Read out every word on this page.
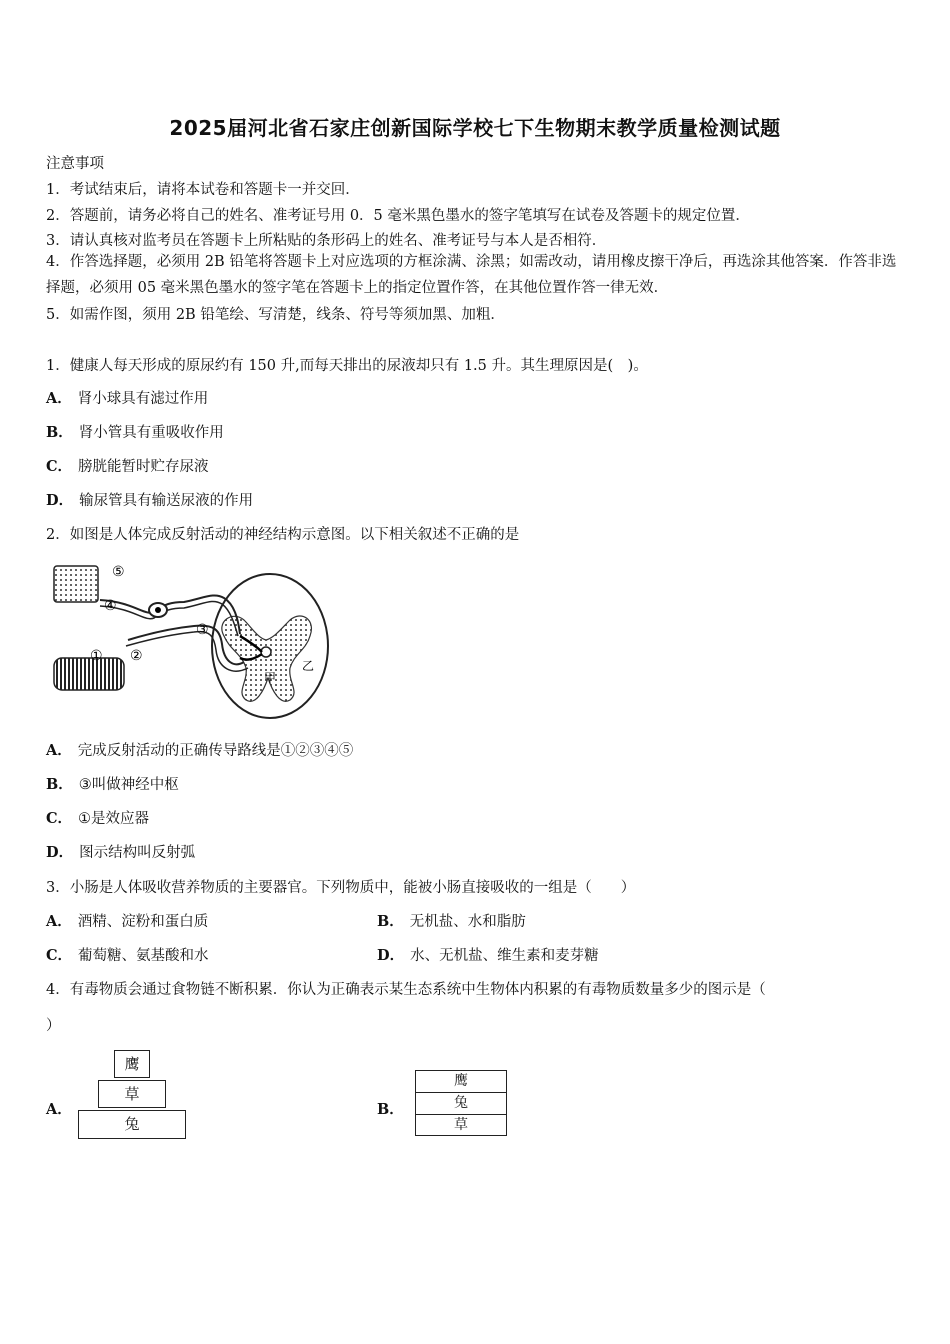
2025届河北省石家庄创新国际学校七下生物期末教学质量检测试题
注意事项
1．考试结束后，请将本试卷和答题卡一并交回．
2．答题前，请务必将自己的姓名、准考证号用 0．5 毫米黑色墨水的签字笔填写在试卷及答题卡的规定位置．
3．请认真核对监考员在答题卡上所粘贴的条形码上的姓名、准考证号与本人是否相符．
4．作答选择题，必须用 2B 铅笔将答题卡上对应选项的方框涂满、涂黑；如需改动，请用橡皮擦干净后，再选涂其他答案．作答非选择题，必须用 05 毫米黑色墨水的签字笔在答题卡上的指定位置作答，在其他位置作答一律无效．
5．如需作图，须用 2B 铅笔绘、写清楚，线条、符号等须加黑、加粗．
1．健康人每天形成的原尿约有 150 升,而每天排出的尿液却只有 1.5 升。其生理原因是(　)。
A． 肾小球具有滤过作用
B． 肾小管具有重吸收作用
C． 膀胱能暂时贮存尿液
D． 输尿管具有输送尿液的作用
2．如图是人体完成反射活动的神经结构示意图。以下相关叙述不正确的是
⑤
④
③
②
①
甲
乙
A． 完成反射活动的正确传导路线是①②③④⑤
B． ③叫做神经中枢
C． ①是效应器
D． 图示结构叫反射弧
3．小肠是人体吸收营养物质的主要器官。下列物质中，能被小肠直接吸收的一组是（　　）
A． 酒精、淀粉和蛋白质	B． 无机盐、水和脂肪
C． 葡萄糖、氨基酸和水	D． 水、无机盐、维生素和麦芽糖
4．有毒物质会通过食物链不断积累．你认为正确表示某生态系统中生物体内积累的有毒物质数量多少的图示是（
）
A．
鹰
草
兔
B．
鹰
兔
草
